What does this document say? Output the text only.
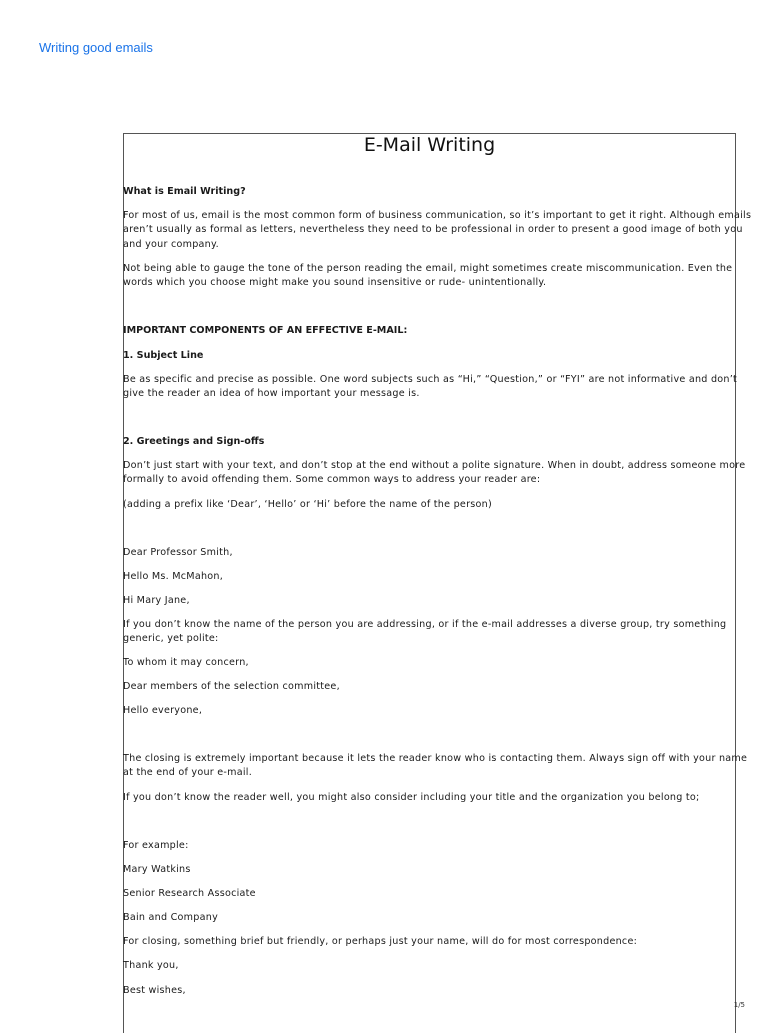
Writing good emails
E-Mail Writing
What is Email Writing?
For most of us, email is the most common form of business communication, so it’s important to get it right. Although emails
aren’t usually as formal as letters, nevertheless they need to be professional in order to present a good image of both you
and your company.
Not being able to gauge the tone of the person reading the email, might sometimes create miscommunication. Even the
words which you choose might make you sound insensitive or rude- unintentionally.
IMPORTANT COMPONENTS OF AN EFFECTIVE E-MAIL:
1. Subject Line
Be as specific and precise as possible. One word subjects such as “Hi,” “Question,” or “FYI” are not informative and don’t
give the reader an idea of how important your message is.
2. Greetings and Sign-offs
Don’t just start with your text, and don’t stop at the end without a polite signature. When in doubt, address someone more
formally to avoid offending them. Some common ways to address your reader are:
(adding a prefix like ‘Dear’, ‘Hello’ or ‘Hi’ before the name of the person)
Dear Professor Smith,
Hello Ms. McMahon,
Hi Mary Jane,
If you don’t know the name of the person you are addressing, or if the e-mail addresses a diverse group, try something
generic, yet polite:
To whom it may concern,
Dear members of the selection committee,
Hello everyone,
The closing is extremely important because it lets the reader know who is contacting them. Always sign off with your name
at the end of your e-mail.
If you don’t know the reader well, you might also consider including your title and the organization you belong to;
For example:
Mary Watkins
Senior Research Associate
Bain and Company
For closing, something brief but friendly, or perhaps just your name, will do for most correspondence:
Thank you,
Best wishes,
1/5
